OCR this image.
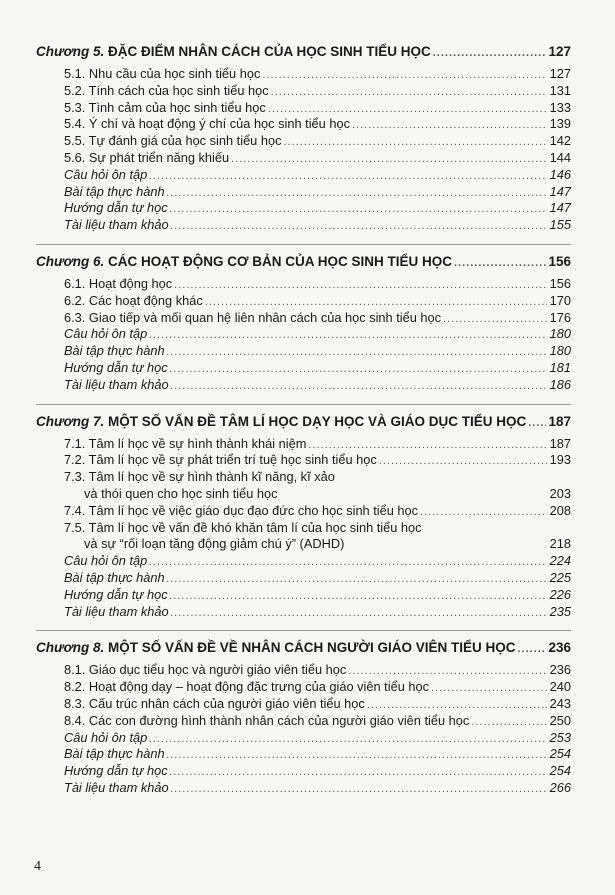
Chương 5. ĐẶC ĐIỂM NHÂN CÁCH CỦA HỌC SINH TIỂU HỌC .....	127
5.1. Nhu cầu của học sinh tiểu học .....	127
5.2. Tính cách của học sinh tiểu học .....	131
5.3. Tình cảm của học sinh tiểu học .....	133
5.4. Ý chí và hoạt động ý chí của học sinh tiểu học .....	139
5.5. Tự đánh giá của học sinh tiểu học .....	142
5.6. Sự phát triển năng khiếu .....	144
Câu hỏi ôn tập .....	146
Bài tập thực hành .....	147
Hướng dẫn tự học .....	147
Tài liệu tham khảo .....	155
Chương 6. CÁC HOẠT ĐỘNG CƠ BẢN CỦA HỌC SINH TIỂU HỌC .....	156
6.1. Hoạt động học .....	156
6.2. Các hoạt động khác .....	170
6.3. Giao tiếp và mối quan hệ liên nhân cách của học sinh tiểu học .....	176
Câu hỏi ôn tập .....	180
Bài tập thực hành .....	180
Hướng dẫn tự học .....	181
Tài liệu tham khảo .....	186
Chương 7. MỘT SỐ VẤN ĐỀ TÂM LÍ HỌC DẠY HỌC VÀ GIÁO DỤC TIỂU HỌC ..... 187
7.1. Tâm lí học về sự hình thành khái niệm .....	187
7.2. Tâm lí học về sự phát triển trí tuệ học sinh tiểu học .....	193
7.3. Tâm lí học về sự hình thành kĩ năng, kĩ xảo
và thói quen cho học sinh tiểu học	203
7.4. Tâm lí học về việc giáo dục đạo đức cho học sinh tiểu học .....	208
7.5. Tâm lí học về vấn đề khó khăn tâm lí của học sinh tiểu học
và sự “rối loạn tăng động giảm chú ý” (ADHD)	218
Câu hỏi ôn tập .....	224
Bài tập thực hành .....	225
Hướng dẫn tự học .....	226
Tài liệu tham khảo .....	235
Chương 8. MỘT SỐ VẤN ĐỀ VỀ NHÂN CÁCH NGƯỜI GIÁO VIÊN TIỂU HỌC ..... 236
8.1. Giáo dục tiểu học và người giáo viên tiểu học .....	236
8.2. Hoạt động dạy – hoạt động đặc trưng của giáo viên tiểu học .....	240
8.3. Cấu trúc nhân cách của người giáo viên tiểu học .....	243
8.4. Các con đường hình thành nhân cách của người giáo viên tiểu học .....	250
Câu hỏi ôn tập .....	253
Bài tập thực hành .....	254
Hướng dẫn tự học .....	254
Tài liệu tham khảo .....	266
4
